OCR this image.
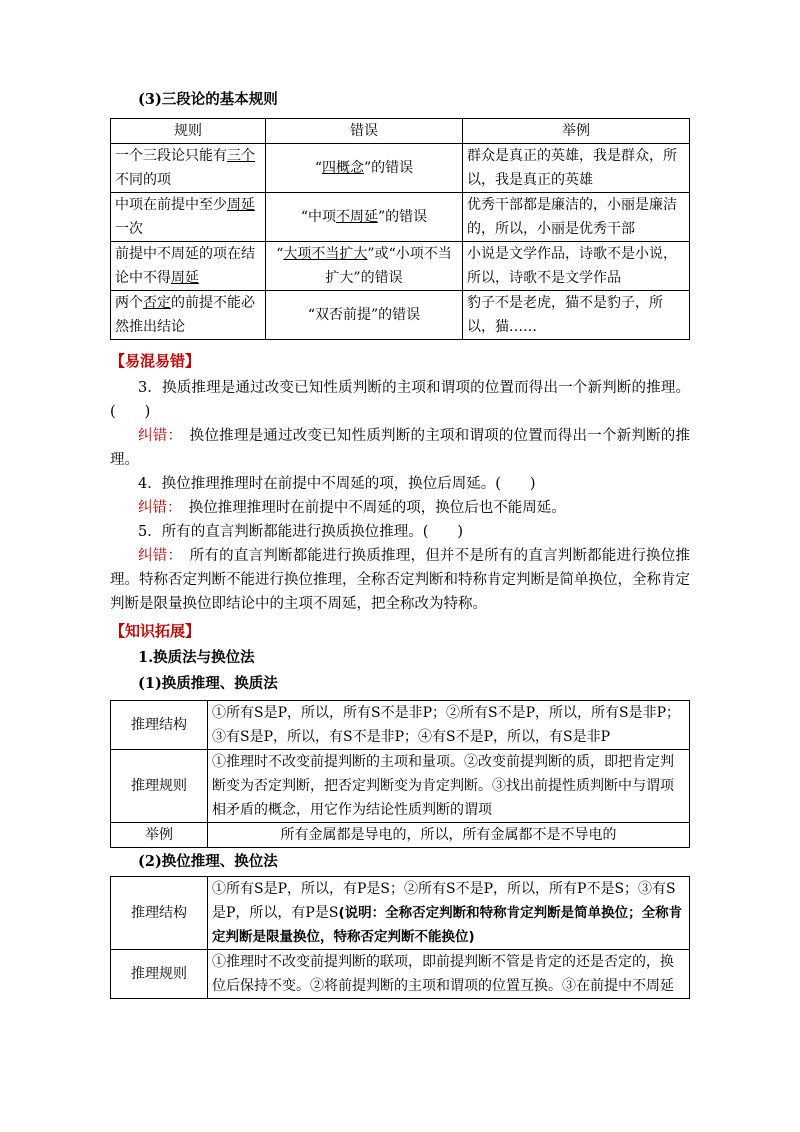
(3)三段论的基本规则

规则	错误	举例
一个三段论只能有三个不同的项	“四概念”的错误	群众是真正的英雄，我是群众，所以，我是真正的英雄
中项在前提中至少周延一次	“中项不周延”的错误	优秀干部都是廉洁的，小丽是廉洁的，所以，小丽是优秀干部
前提中不周延的项在结论中不得周延	“大项不当扩大”或“小项不当扩大”的错误	小说是文学作品，诗歌不是小说，所以，诗歌不是文学作品
两个否定的前提不能必然推出结论	“双否前提”的错误	豹子不是老虎，猫不是豹子，所以，猫……

【易混易错】

3．换质推理是通过改变已知性质判断的主项和谓项的位置而得出一个新判断的推理。(　　)

纠错：　换位推理是通过改变已知性质判断的主项和谓项的位置而得出一个新判断的推理。

4．换位推理推理时在前提中不周延的项，换位后周延。(　　)

纠错：　换位推理推理时在前提中不周延的项，换位后也不能周延。

5．所有的直言判断都能进行换质换位推理。(　　)

纠错：　所有的直言判断都能进行换质推理，但并不是所有的直言判断都能进行换位推理。特称否定判断不能进行换位推理，全称否定判断和特称肯定判断是简单换位，全称肯定判断是限量换位即结论中的主项不周延，把全称改为特称。

【知识拓展】

1.换质法与换位法

(1)换质推理、换质法

推理结构	①所有S是P，所以，所有S不是非P；②所有S不是P，所以，所有S是非P；③有S是P，所以，有S不是非P；④有S不是P，所以，有S是非P
推理规则	①推理时不改变前提判断的主项和量项。②改变前提判断的质，即把肯定判断变为否定判断，把否定判断变为肯定判断。③找出前提性质判断中与谓项相矛盾的概念，用它作为结论性质判断的谓项
举例	所有金属都是导电的，所以，所有金属都不是不导电的

(2)换位推理、换位法

推理结构	①所有S是P，所以，有P是S；②所有S不是P，所以，所有P不是S；③有S是P，所以，有P是S(说明：全称否定判断和特称肯定判断是简单换位；全称肯定判断是限量换位，特称否定判断不能换位)
推理规则	①推理时不改变前提判断的联项，即前提判断不管是肯定的还是否定的，换位后保持不变。②将前提判断的主项和谓项的位置互换。③在前提中不周延
